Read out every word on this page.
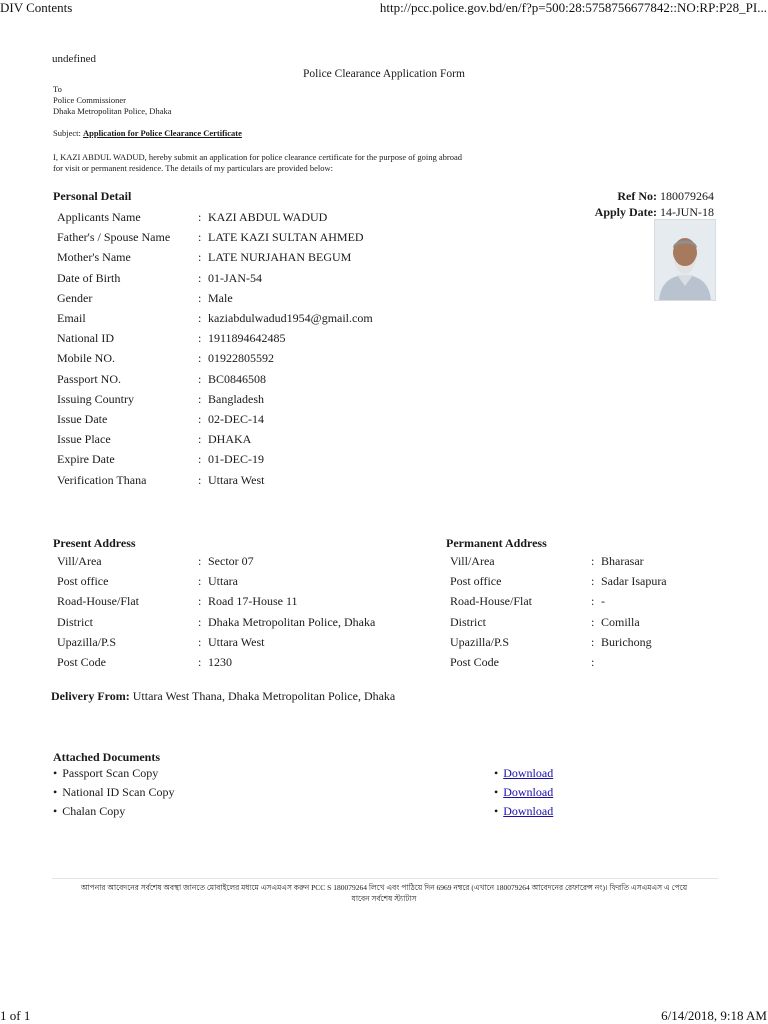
DIV Contents	http://pcc.police.gov.bd/en/f?p=500:28:5758756677842::NO:RP:P28_PI...
undefined
Police Clearance Application Form
To
Police Commissioner
Dhaka Metropolitan Police, Dhaka
Subject: Application for Police Clearance Certificate
I, KAZI ABDUL WADUD, hereby submit an application for police clearance certificate for the purpose of going abroad
for visit or permanent residence. The details of my particulars are provided below:
Personal Detail	Ref No: 180079264
Apply Date: 14-JUN-18
Applicants Name	: KAZI ABDUL WADUD
Father's / Spouse Name : LATE KAZI SULTAN AHMED
Mother's Name	: LATE NURJAHAN BEGUM
Date of Birth	: 01-JAN-54
Gender	: Male
Email	: kaziabdulwadud1954@gmail.com
National ID	: 1911894642485
Mobile NO.	: 01922805592
Passport NO.	: BC0846508
Issuing Country	: Bangladesh
Issue Date	: 02-DEC-14
Issue Place	: DHAKA
Expire Date	: 01-DEC-19
Verification Thana	: Uttara West
Present Address	Permanent Address
Vill/Area	: Sector 07
Post office	: Uttara
Road-House/Flat	: Road 17-House 11
District	: Dhaka Metropolitan Police, Dhaka
Upazilla/P.S	: Uttara West
Post Code	: 1230
Vill/Area	: Bharasar
Post office	: Sadar Isapura
Road-House/Flat	: -
District	: Comilla
Upazilla/P.S	: Burichong
Post Code	:
Delivery From: Uttara West Thana, Dhaka Metropolitan Police, Dhaka
Attached Documents
• Passport Scan Copy	• Download
• National ID Scan Copy	• Download
• Chalan Copy	• Download
আপনার আবেদনের সর্বশেষ অবস্থা জানতে মোবাইলের মধ্যমে এসএমএস করুন PCC S 180079264 লিখে এবং পাঠিয়ে দিন 6969 নম্বরে (এখানে 180079264 আবেদনের রেফারেন্স নং)। ফিরতি এসএমএস এ পেয়ে
যাবেন সর্বশেষ স্ট্যাটাস
1 of 1	6/14/2018, 9:18 AM
